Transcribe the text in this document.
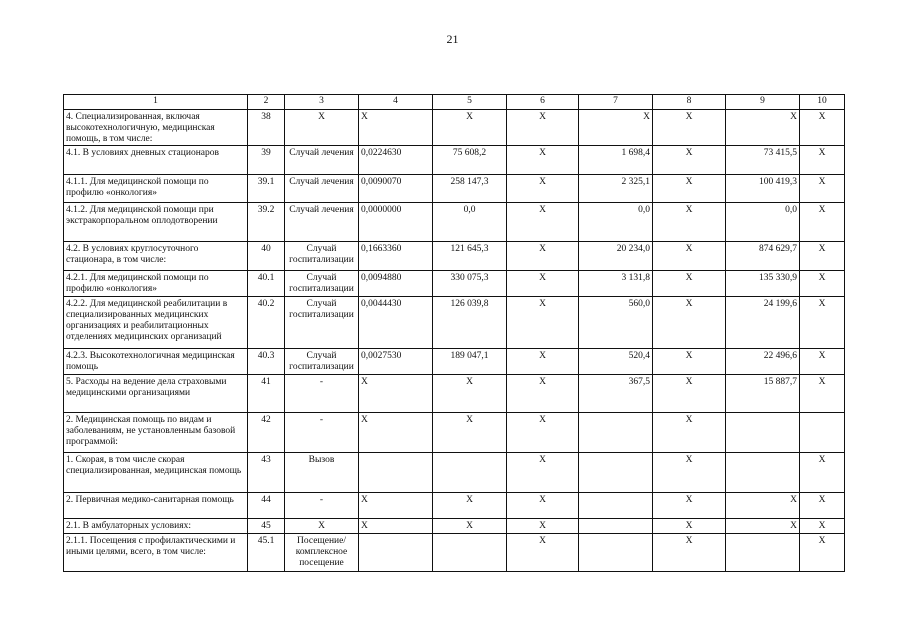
21
1	2	3	4	5	6	7	8	9	10
4. Специализированная, включая высокотехнологичную, медицинская помощь, в том числе:	38	Х	Х	Х	Х	Х	Х	Х	Х
4.1. В условиях дневных стационаров	39	Случай лечения	0,0224630	75 608,2	Х	1 698,4	Х	73 415,5	Х
4.1.1. Для медицинской помощи по профилю «онкология»	39.1	Случай лечения	0,0090070	258 147,3	Х	2 325,1	Х	100 419,3	Х
4.1.2. Для медицинской помощи при экстракорпоральном оплодотворении	39.2	Случай лечения	0,0000000	0,0	Х	0,0	Х	0,0	Х
4.2. В условиях круглосуточного стационара, в том числе:	40	Случай госпитализации	0,1663360	121 645,3	Х	20 234,0	Х	874 629,7	Х
4.2.1. Для медицинской помощи по профилю «онкология»	40.1	Случай госпитализации	0,0094880	330 075,3	Х	3 131,8	Х	135 330,9	Х
4.2.2. Для медицинской реабилитации в специализированных медицинских организациях и реабилитационных отделениях медицинских организаций	40.2	Случай госпитализации	0,0044430	126 039,8	Х	560,0	Х	24 199,6	Х
4.2.3. Высокотехнологичная медицинская помощь	40.3	Случай госпитализации	0,0027530	189 047,1	Х	520,4	Х	22 496,6	Х
5. Расходы на ведение дела страховыми медицинскими организациями	41	-	Х	Х	Х	367,5	Х	15 887,7	Х
2. Медицинская помощь по видам и заболеваниям, не установленным базовой программой:	42	-	Х	Х	Х		Х		
1. Скорая, в том числе скорая специализированная, медицинская помощь	43	Вызов			Х		Х		Х
2. Первичная медико-санитарная помощь	44	-	Х	Х	Х		Х	Х	Х
2.1. В амбулаторных условиях:	45	Х	Х	Х	Х		Х	Х	Х
2.1.1. Посещения с профилактическими и иными целями, всего, в том числе:	45.1	Посещение/ комплексное посещение			Х		Х		Х
